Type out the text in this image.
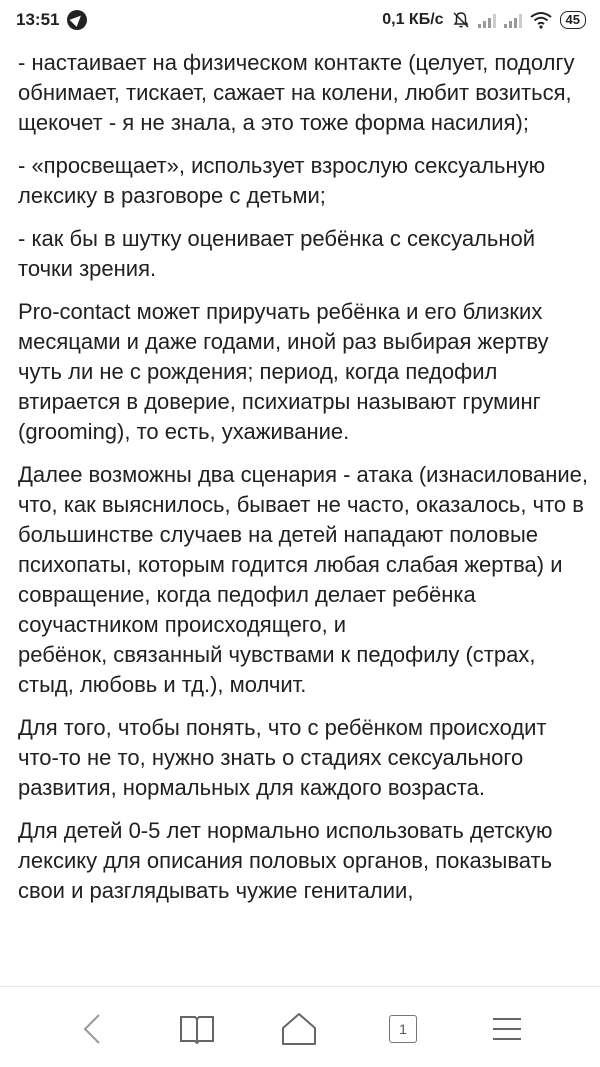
13:51	0,1 КБ/с	45

- настаивает на физическом контакте (целует, подолгу обнимает, тискает, сажает на колени, любит возиться, щекочет - я не знала, а это тоже форма насилия);

- «просвещает», использует взрослую сексуальную лексику в разговоре с детьми;

- как бы в шутку оценивает ребёнка с сексуальной точки зрения.

Pro-contact может приручать ребёнка и его близких месяцами и даже годами, иной раз выбирая жертву чуть ли не с рождения; период, когда педофил втирается в доверие, психиатры называют груминг (grooming), то есть, ухаживание.

Далее возможны два сценария - атака (изнасилование, что, как выяснилось, бывает не часто, оказалось, что в большинстве случаев на детей нападают половые психопаты, которым годится любая слабая жертва) и совращение, когда педофил делает ребёнка соучастником происходящего, и

ребёнок, связанный чувствами к педофилу (страх, стыд, любовь и тд.), молчит.

Для того, чтобы понять, что с ребёнком происходит что-то не то, нужно знать о стадиях сексуального развития, нормальных для каждого возраста.

Для детей 0-5 лет нормально использовать детскую лексику для описания половых органов, показывать свои и разглядывать чужие гениталии,

1
